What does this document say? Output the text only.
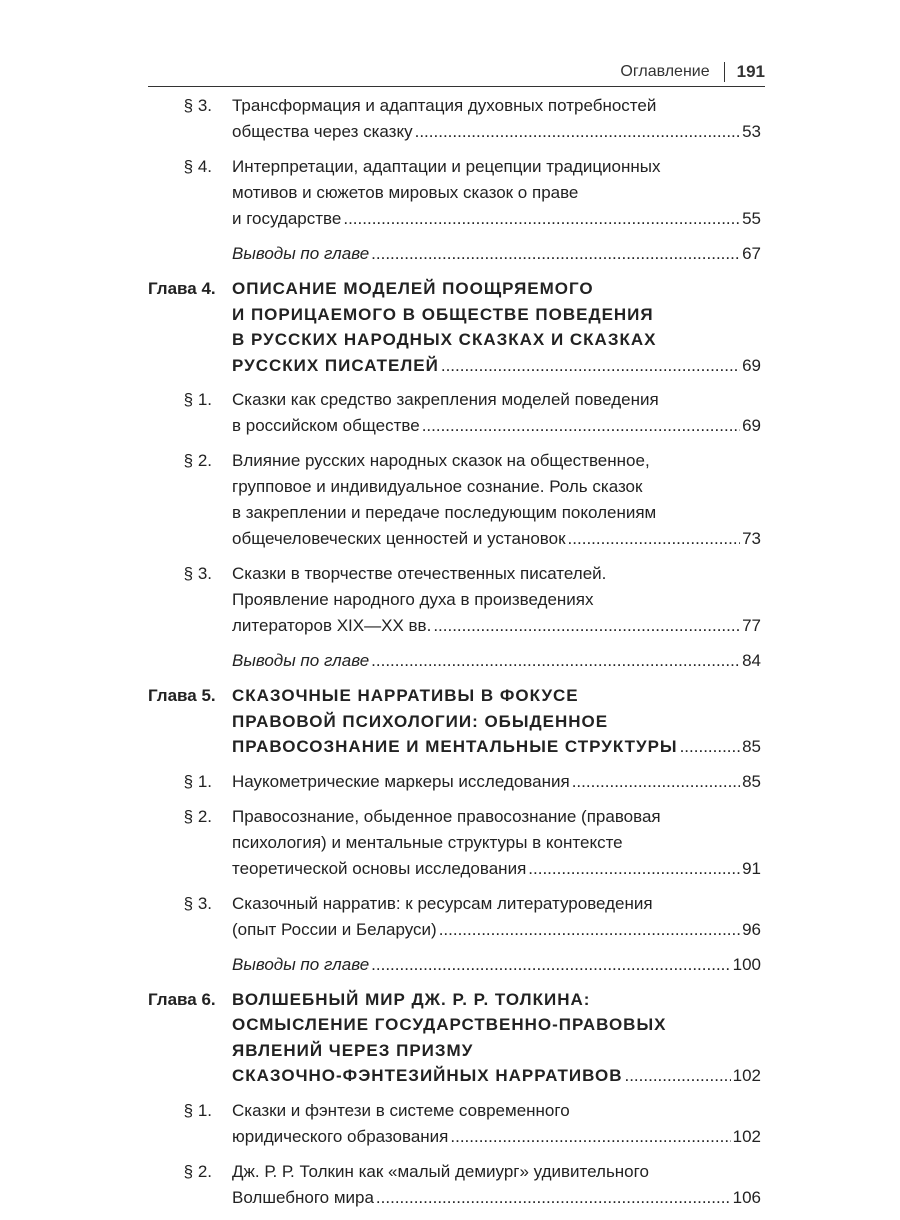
Оглавление 191
§ 3.	Трансформация и адаптация духовных потребностей
общества через сказку .....	53
§ 4.	Интерпретации, адаптации и рецепции традиционных
мотивов и сюжетов мировых сказок о праве
и государстве .....	55
Выводы по главе .....	67
Глава 4. ОПИСАНИЕ МОДЕЛЕЙ ПООЩРЯЕМОГО
И ПОРИЦАЕМОГО В ОБЩЕСТВЕ ПОВЕДЕНИЯ
В РУССКИХ НАРОДНЫХ СКАЗКАХ И СКАЗКАХ
РУССКИХ ПИСАТЕЛЕЙ .....	69
§ 1.	Сказки как средство закрепления моделей поведения
в российском обществе .....	69
§ 2.	Влияние русских народных сказок на общественное,
групповое и индивидуальное сознание. Роль сказок
в закреплении и передаче последующим поколениям
общечеловеческих ценностей и установок .....	73
§ 3.	Сказки в творчестве отечественных писателей.
Проявление народного духа в произведениях
литераторов XIX—XX вв. .....	77
Выводы по главе .....	84
Глава 5. СКАЗОЧНЫЕ НАРРАТИВЫ В ФОКУСЕ
ПРАВОВОЙ ПСИХОЛОГИИ: ОБЫДЕННОЕ
ПРАВОСОЗНАНИЕ И МЕНТАЛЬНЫЕ СТРУКТУРЫ .....	85
§ 1.	Наукометрические маркеры исследования .....	85
§ 2.	Правосознание, обыденное правосознание (правовая
психология) и ментальные структуры в контексте
теоретической основы исследования .....	91
§ 3.	Сказочный нарратив: к ресурсам литературоведения
(опыт России и Беларуси) .....	96
Выводы по главе .....	100
Глава 6. ВОЛШЕБНЫЙ МИР ДЖ. Р. Р. ТОЛКИНА:
ОСМЫСЛЕНИЕ ГОСУДАРСТВЕННО-ПРАВОВЫХ
ЯВЛЕНИЙ ЧЕРЕЗ ПРИЗМУ
СКАЗОЧНО-ФЭНТЕЗИЙНЫХ НАРРАТИВОВ .....	102
§ 1.	Сказки и фэнтези в системе современного
юридического образования .....	102
§ 2.	Дж. Р. Р. Толкин как «малый демиург» удивительного
Волшебного мира .....	106
